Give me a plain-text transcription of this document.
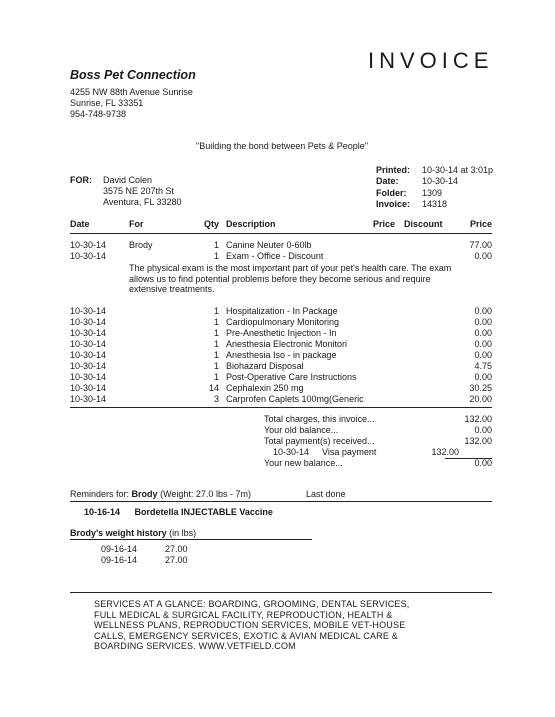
INVOICE
Boss Pet Connection
4255 NW 88th Avenue Sunrise
Sunrise, FL 33351
954-748-9738
"Building the bond between Pets & People"
Printed: 10-30-14 at 3:01p
Date:	10-30-14
Folder: 1309
Invoice: 14318
FOR: David Colen
3575 NE 207th St
Aventura, FL 33280
Date	For	Qty Description	Price Discount	Price
10-30-14	Brody	1 Canine Neuter 0-60lb	77.00
10-30-14	1 Exam - Office - Discount	0.00
The physical exam is the most important part of your pet's health care. The exam allows us to find potential problems before they become serious and require extensive treatments.
10-30-14	1 Hospitalization - In Package	0.00
10-30-14	1 Cardiopulmonary Monitoring	0.00
10-30-14	1 Pre-Anesthetic Injection - In	0.00
10-30-14	1 Anesthesia Electronic Monitori	0.00
10-30-14	1 Anesthesia Iso - in package	0.00
10-30-14	1 Biohazard Disposal	4.75
10-30-14	1 Post-Operative Care Instructions	0.00
10-30-14	14 Cephalexin 250 mg	30.25
10-30-14	3 Carprofen Caplets 100mg(Generic	20.00
Total charges, this invoice...	132.00
Your old balance...	0.00
Total payment(s) received...	132.00
10-30-14 Visa payment	132.00
Your new balance...	0.00
Reminders for: Brody (Weight: 27.0 lbs - 7m)	Last done
10-16-14 Bordetella INJECTABLE Vaccine
Brody's weight history (in lbs)
09-16-14	27.00
09-16-14	27.00
SERVICES AT A GLANCE: BOARDING, GROOMING, DENTAL SERVICES, FULL MEDICAL & SURGICAL FACILITY, REPRODUCTION, HEALTH & WELLNESS PLANS, REPRODUCTION SERVICES, MOBILE VET-HOUSE CALLS, EMERGENCY SERVICES, EXOTIC & AVIAN MEDICAL CARE & BOARDING SERVICES. WWW.VETFIELD.COM
